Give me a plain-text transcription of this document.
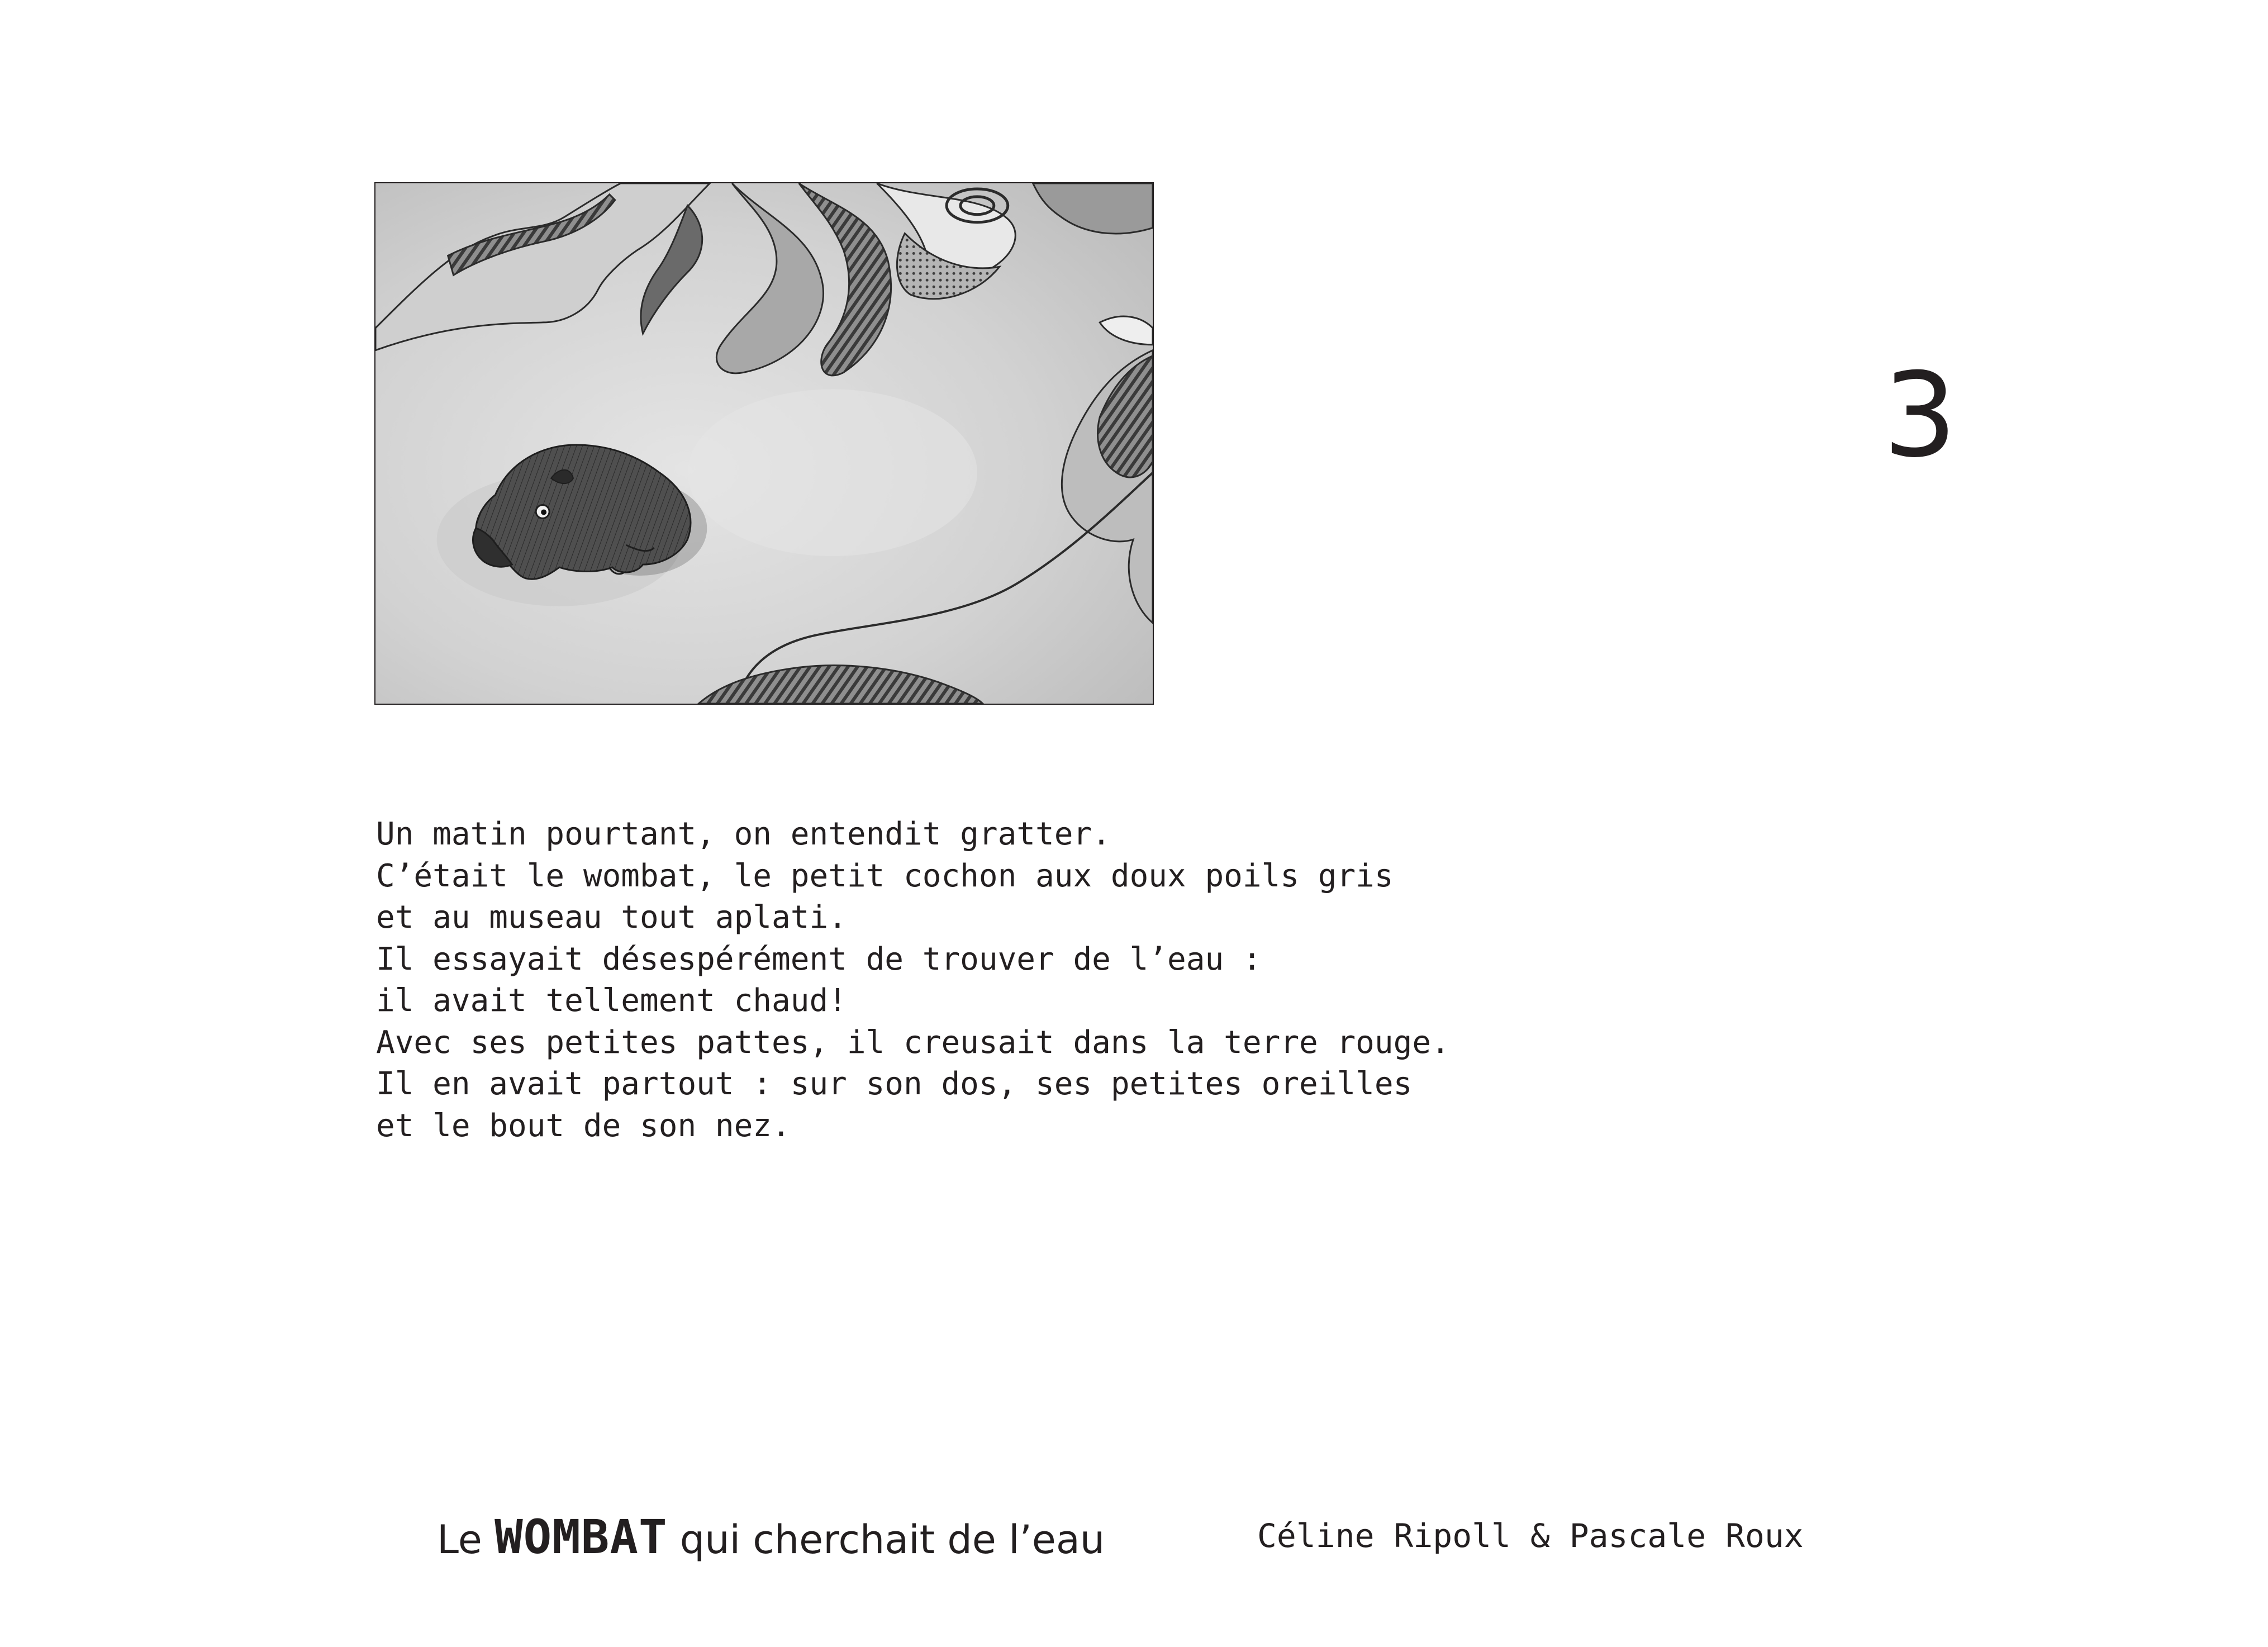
3
Un matin pourtant, on entendit gratter.
C’était le wombat, le petit cochon aux doux poils gris
et au museau tout aplati.
Il essayait désespérément de trouver de l’eau :
il avait tellement chaud!
Avec ses petites pattes, il creusait dans la terre rouge.
Il en avait partout : sur son dos, ses petites oreilles
et le bout de son nez.
Le WOMBAT qui cherchait de l’eau	Céline Ripoll & Pascale Roux
